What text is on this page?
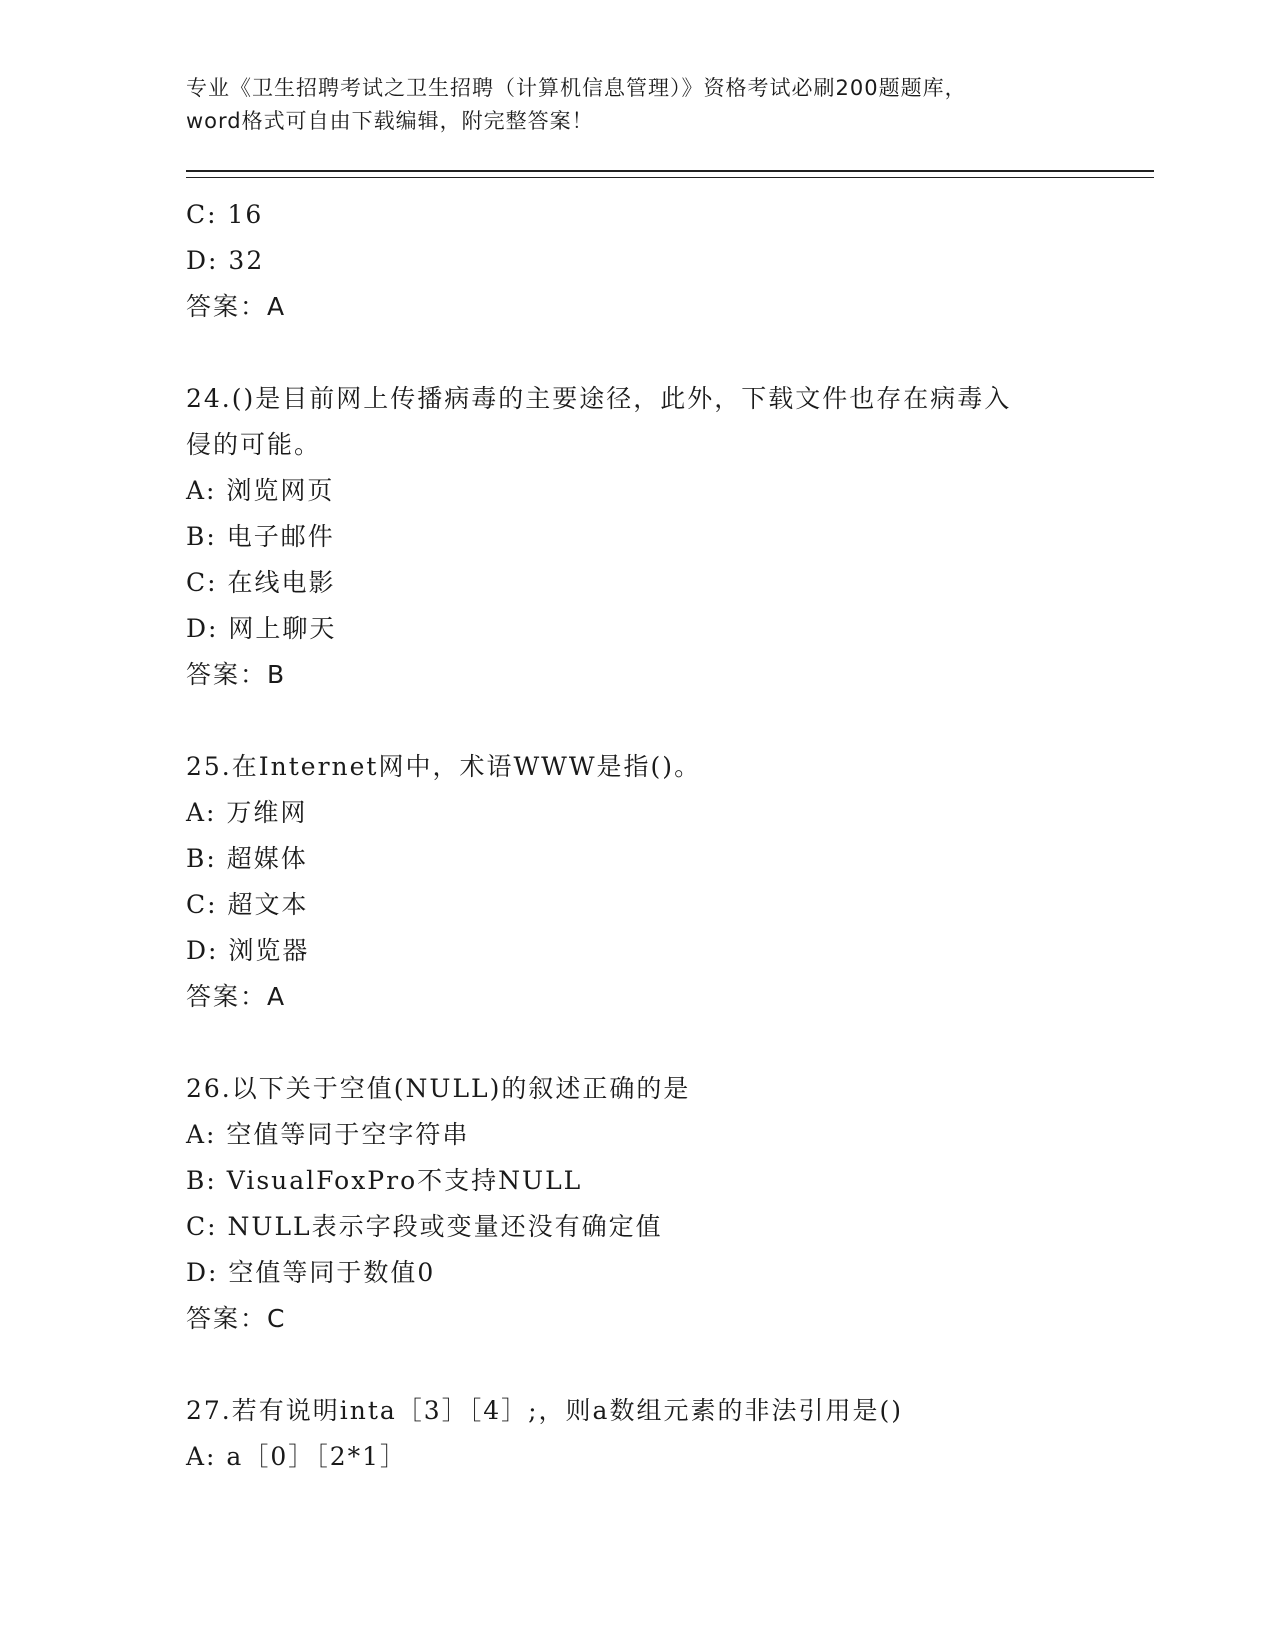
专业《卫生招聘考试之卫生招聘（计算机信息管理）》资格考试必刷200题题库，
word格式可自由下载编辑，附完整答案！
C: 16
D: 32
答案：A
24.()是目前网上传播病毒的主要途径，此外，下载文件也存在病毒入
侵的可能。
A: 浏览网页
B: 电子邮件
C: 在线电影
D: 网上聊天
答案：B
25.在Internet网中，术语WWW是指()。
A: 万维网
B: 超媒体
C: 超文本
D: 浏览器
答案：A
26.以下关于空值(NULL)的叙述正确的是
A: 空值等同于空字符串
B: VisualFoxPro不支持NULL
C: NULL表示字段或变量还没有确定值
D: 空值等同于数值0
答案：C
27.若有说明inta［3］［4］;，则a数组元素的非法引用是()
A: a［0］［2*1］
